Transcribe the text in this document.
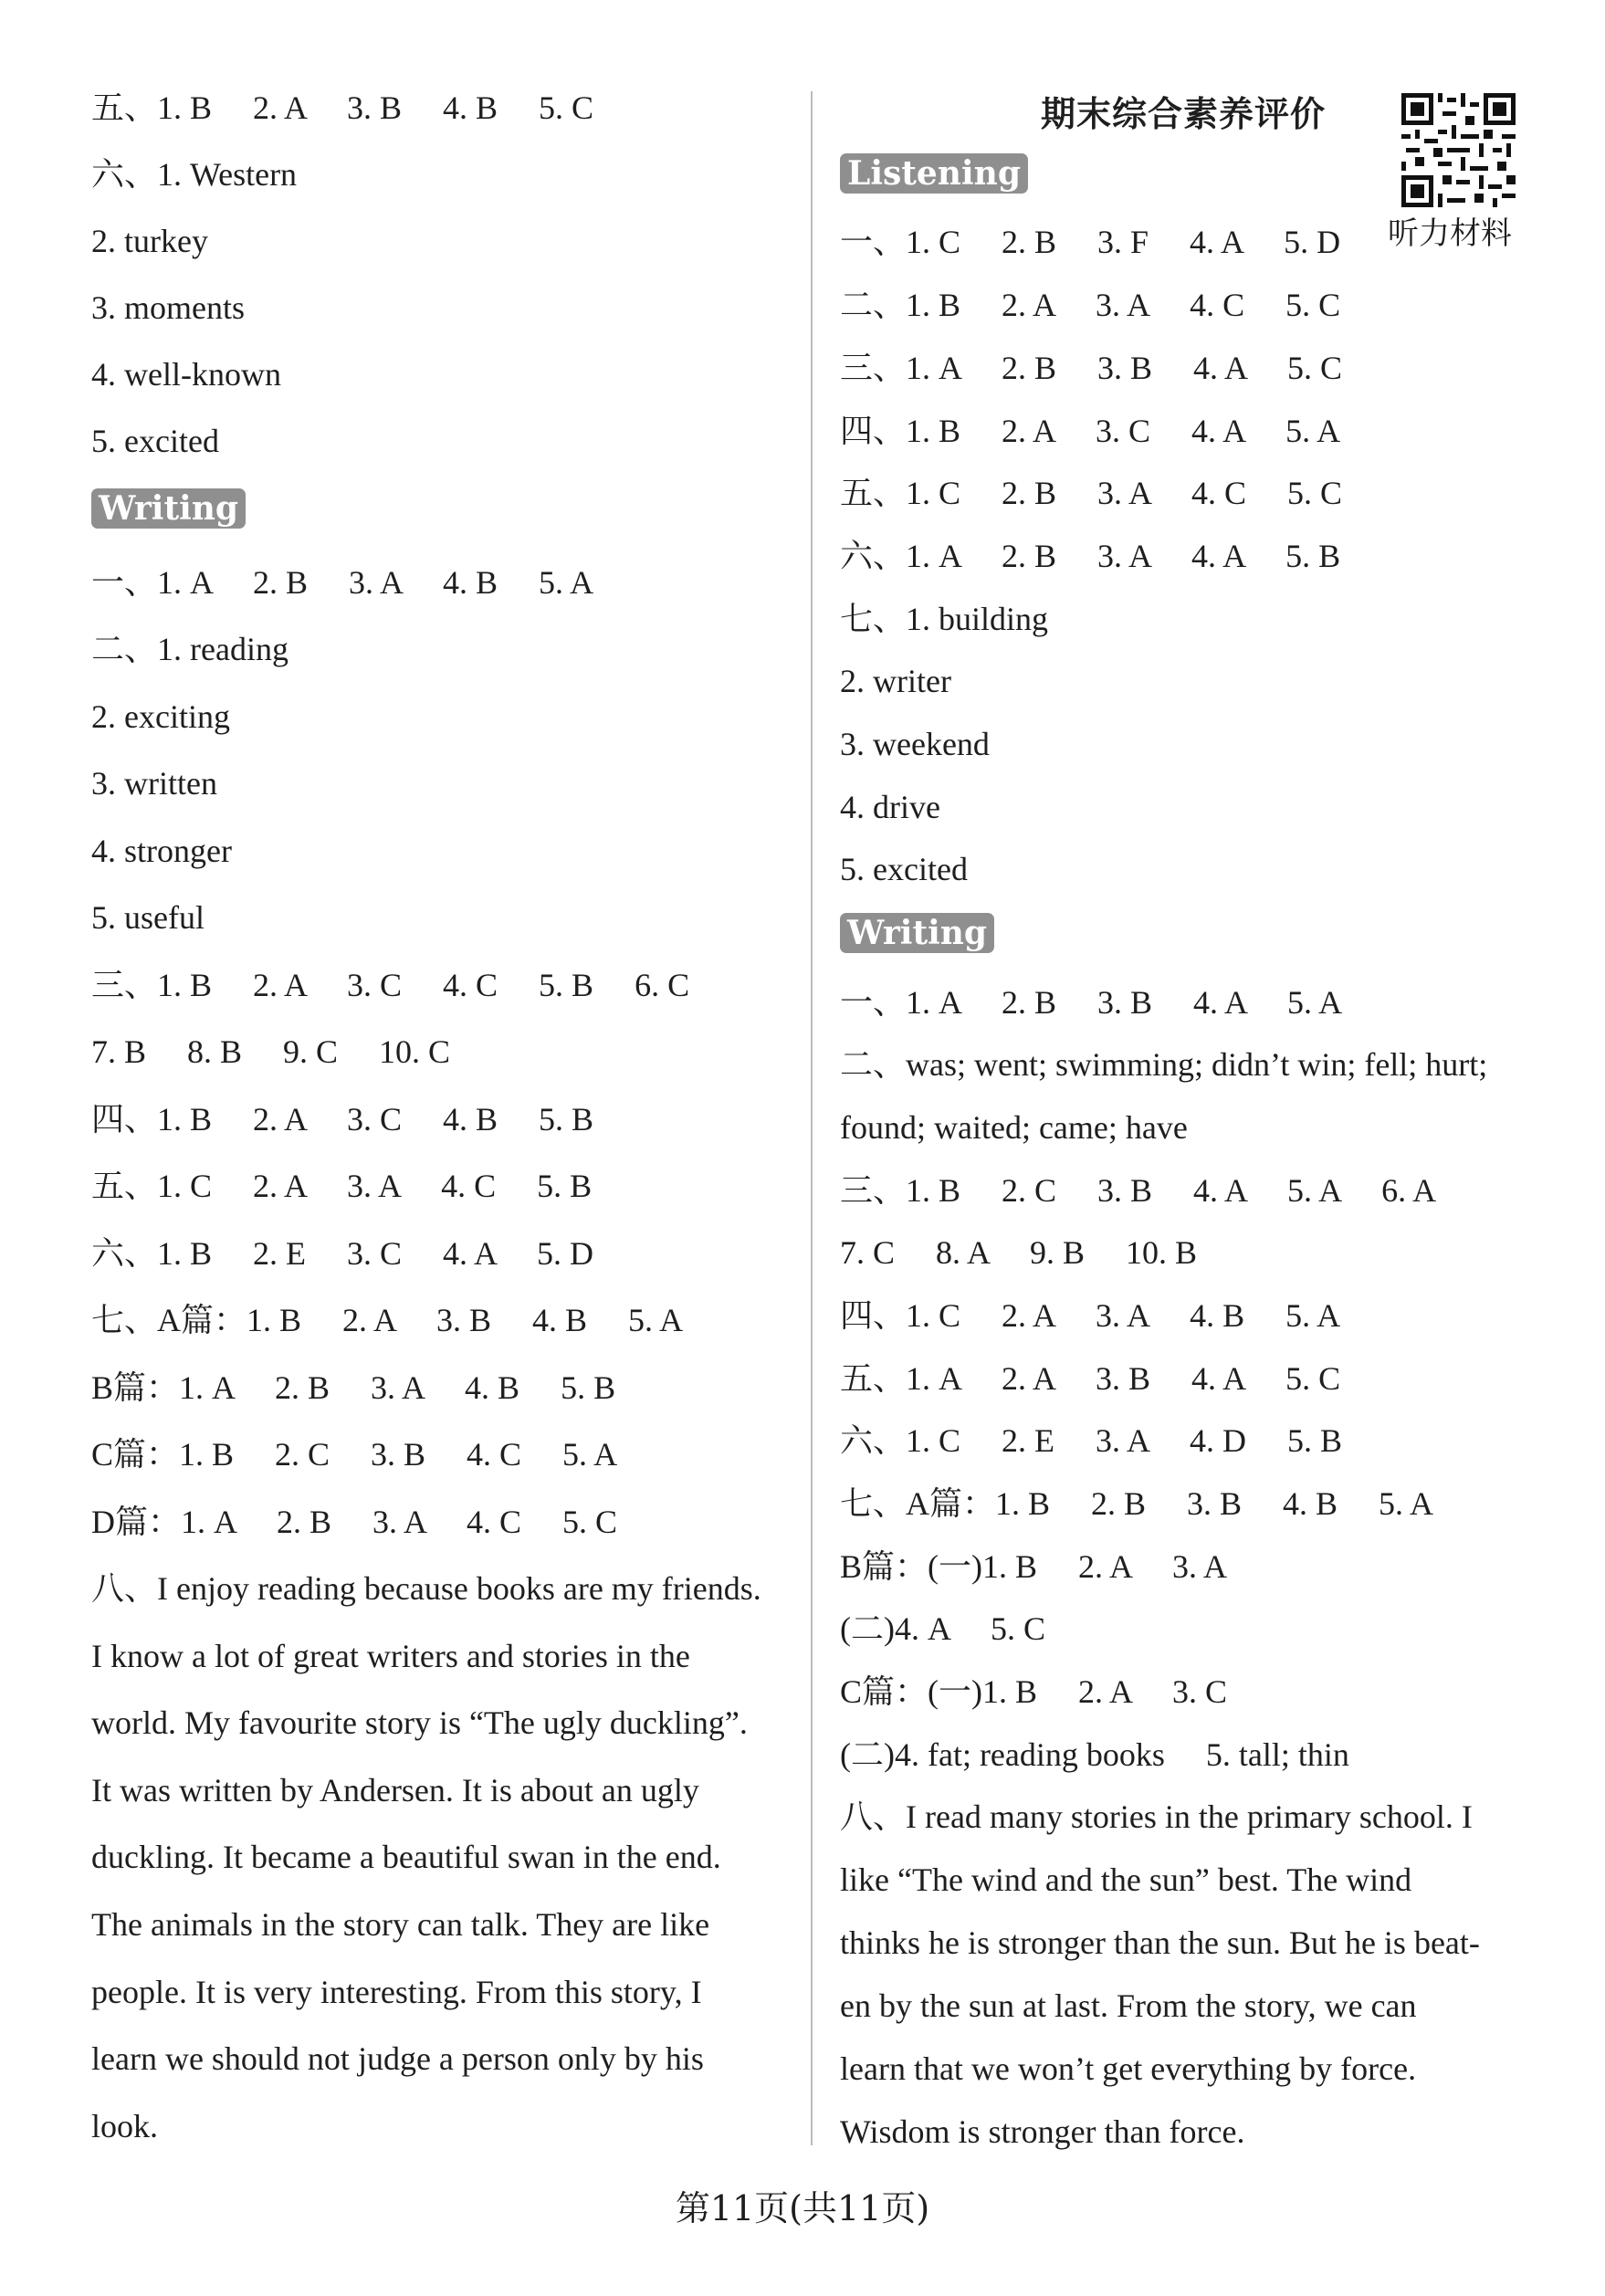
五、1. B　 2. A　 3. B　 4. B　 5. C
六、1. Western
2. turkey
3. moments
4. well-known
5. excited
Writing
一、1. A　 2. B　 3. A　 4. B　 5. A
二、1. reading
2. exciting
3. written
4. stronger
5. useful
三、1. B　 2. A　 3. C　 4. C　 5. B　 6. C
7. B　 8. B　 9. C　 10. C
四、1. B　 2. A　 3. C　 4. B　 5. B
五、1. C　 2. A　 3. A　 4. C　 5. B
六、1. B　 2. E　 3. C　 4. A　 5. D
七、A篇：1. B　 2. A　 3. B　 4. B　 5. A
B篇：1. A　 2. B　 3. A　 4. B　 5. B
C篇：1. B　 2. C　 3. B　 4. C　 5. A
D篇：1. A　 2. B　 3. A　 4. C　 5. C
八、I enjoy reading because books are my friends.
I know a lot of great writers and stories in the
world. My favourite story is “The ugly duckling”.
It was written by Andersen. It is about an ugly
duckling. It became a beautiful swan in the end.
The animals in the story can talk. They are like
people. It is very interesting. From this story, I
learn we should not judge a person only by his
look.
期末综合素养评价
听力材料
Listening
一、1. C　 2. B　 3. F　 4. A　 5. D
二、1. B　 2. A　 3. A　 4. C　 5. C
三、1. A　 2. B　 3. B　 4. A　 5. C
四、1. B　 2. A　 3. C　 4. A　 5. A
五、1. C　 2. B　 3. A　 4. C　 5. C
六、1. A　 2. B　 3. A　 4. A　 5. B
七、1. building
2. writer
3. weekend
4. drive
5. excited
Writing
一、1. A　 2. B　 3. B　 4. A　 5. A
二、was; went; swimming; didn’t win; fell; hurt;
found; waited; came; have
三、1. B　 2. C　 3. B　 4. A　 5. A　 6. A
7. C　 8. A　 9. B　 10. B
四、1. C　 2. A　 3. A　 4. B　 5. A
五、1. A　 2. A　 3. B　 4. A　 5. C
六、1. C　 2. E　 3. A　 4. D　 5. B
七、A篇：1. B　 2. B　 3. B　 4. B　 5. A
B篇：(一)1. B　 2. A　 3. A
(二)4. A　 5. C
C篇：(一)1. B　 2. A　 3. C
(二)4. fat; reading books　 5. tall; thin
八、I read many stories in the primary school. I
like “The wind and the sun” best. The wind
thinks he is stronger than the sun. But he is beat-
en by the sun at last. From the story, we can
learn that we won’t get everything by force.
Wisdom is stronger than force.
第11页(共11页)
